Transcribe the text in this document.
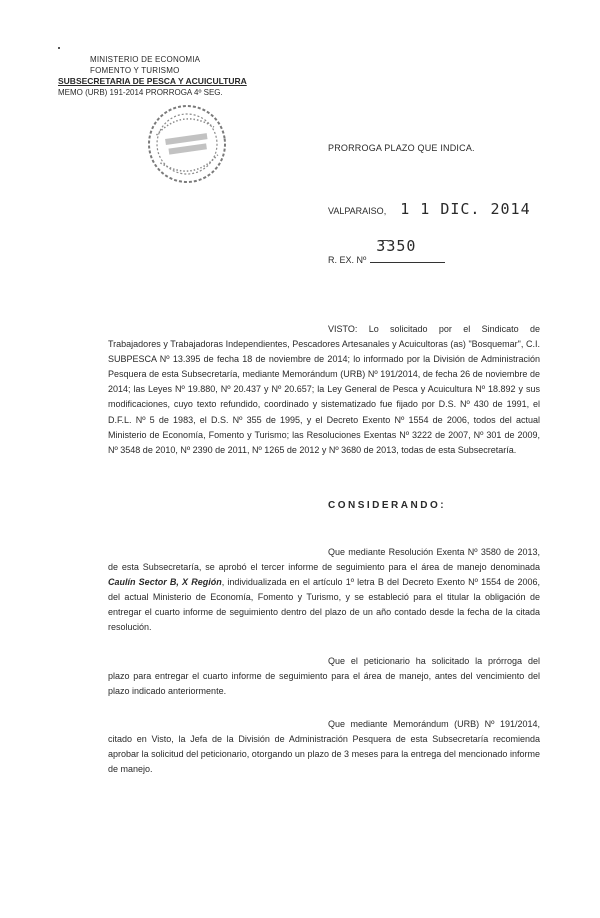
MINISTERIO DE ECONOMIA
FOMENTO Y TURISMO
SUBSECRETARIA DE PESCA Y ACUICULTURA
MEMO (URB) 191-2014 PRORROGA 4º SEG.
PRORROGA PLAZO QUE INDICA.
VALPARAISO, 1 1 DIC. 2014
R. EX. Nº
3350
VISTO: Lo solicitado por el Sindicato de Trabajadores y Trabajadoras Independientes, Pescadores Artesanales y Acuicultoras (as) "Bosquemar", C.I. SUBPESCA Nº 13.395 de fecha 18 de noviembre de 2014; lo informado por la División de Administración Pesquera de esta Subsecretaría, mediante Memorándum (URB) Nº 191/2014, de fecha 26 de noviembre de 2014; las Leyes Nº 19.880, Nº 20.437 y Nº 20.657; la Ley General de Pesca y Acuicultura Nº 18.892 y sus modificaciones, cuyo texto refundido, coordinado y sistematizado fue fijado por D.S. Nº 430 de 1991, el D.F.L. Nº 5 de 1983, el D.S. Nº 355 de 1995, y el Decreto Exento Nº 1554 de 2006, todos del actual Ministerio de Economía, Fomento y Turismo; las Resoluciones Exentas Nº 3222 de 2007, Nº 301 de 2009, Nº 3548 de 2010, Nº 2390 de 2011, Nº 1265 de 2012 y Nº 3680 de 2013, todas de esta Subsecretaría.
CONSIDERANDO:
Que mediante Resolución Exenta Nº 3580 de 2013, de esta Subsecretaría, se aprobó el tercer informe de seguimiento para el área de manejo denominada Caulín Sector B, X Región, individualizada en el artículo 1º letra B del Decreto Exento Nº 1554 de 2006, del actual Ministerio de Economía, Fomento y Turismo, y se estableció para el titular la obligación de entregar el cuarto informe de seguimiento dentro del plazo de un año contado desde la fecha de la citada resolución.
Que el peticionario ha solicitado la prórroga del plazo para entregar el cuarto informe de seguimiento para el área de manejo, antes del vencimiento del plazo indicado anteriormente.
Que mediante Memorándum (URB) Nº 191/2014, citado en Visto, la Jefa de la División de Administración Pesquera de esta Subsecretaría recomienda aprobar la solicitud del peticionario, otorgando un plazo de 3 meses para la entrega del mencionado informe de manejo.
